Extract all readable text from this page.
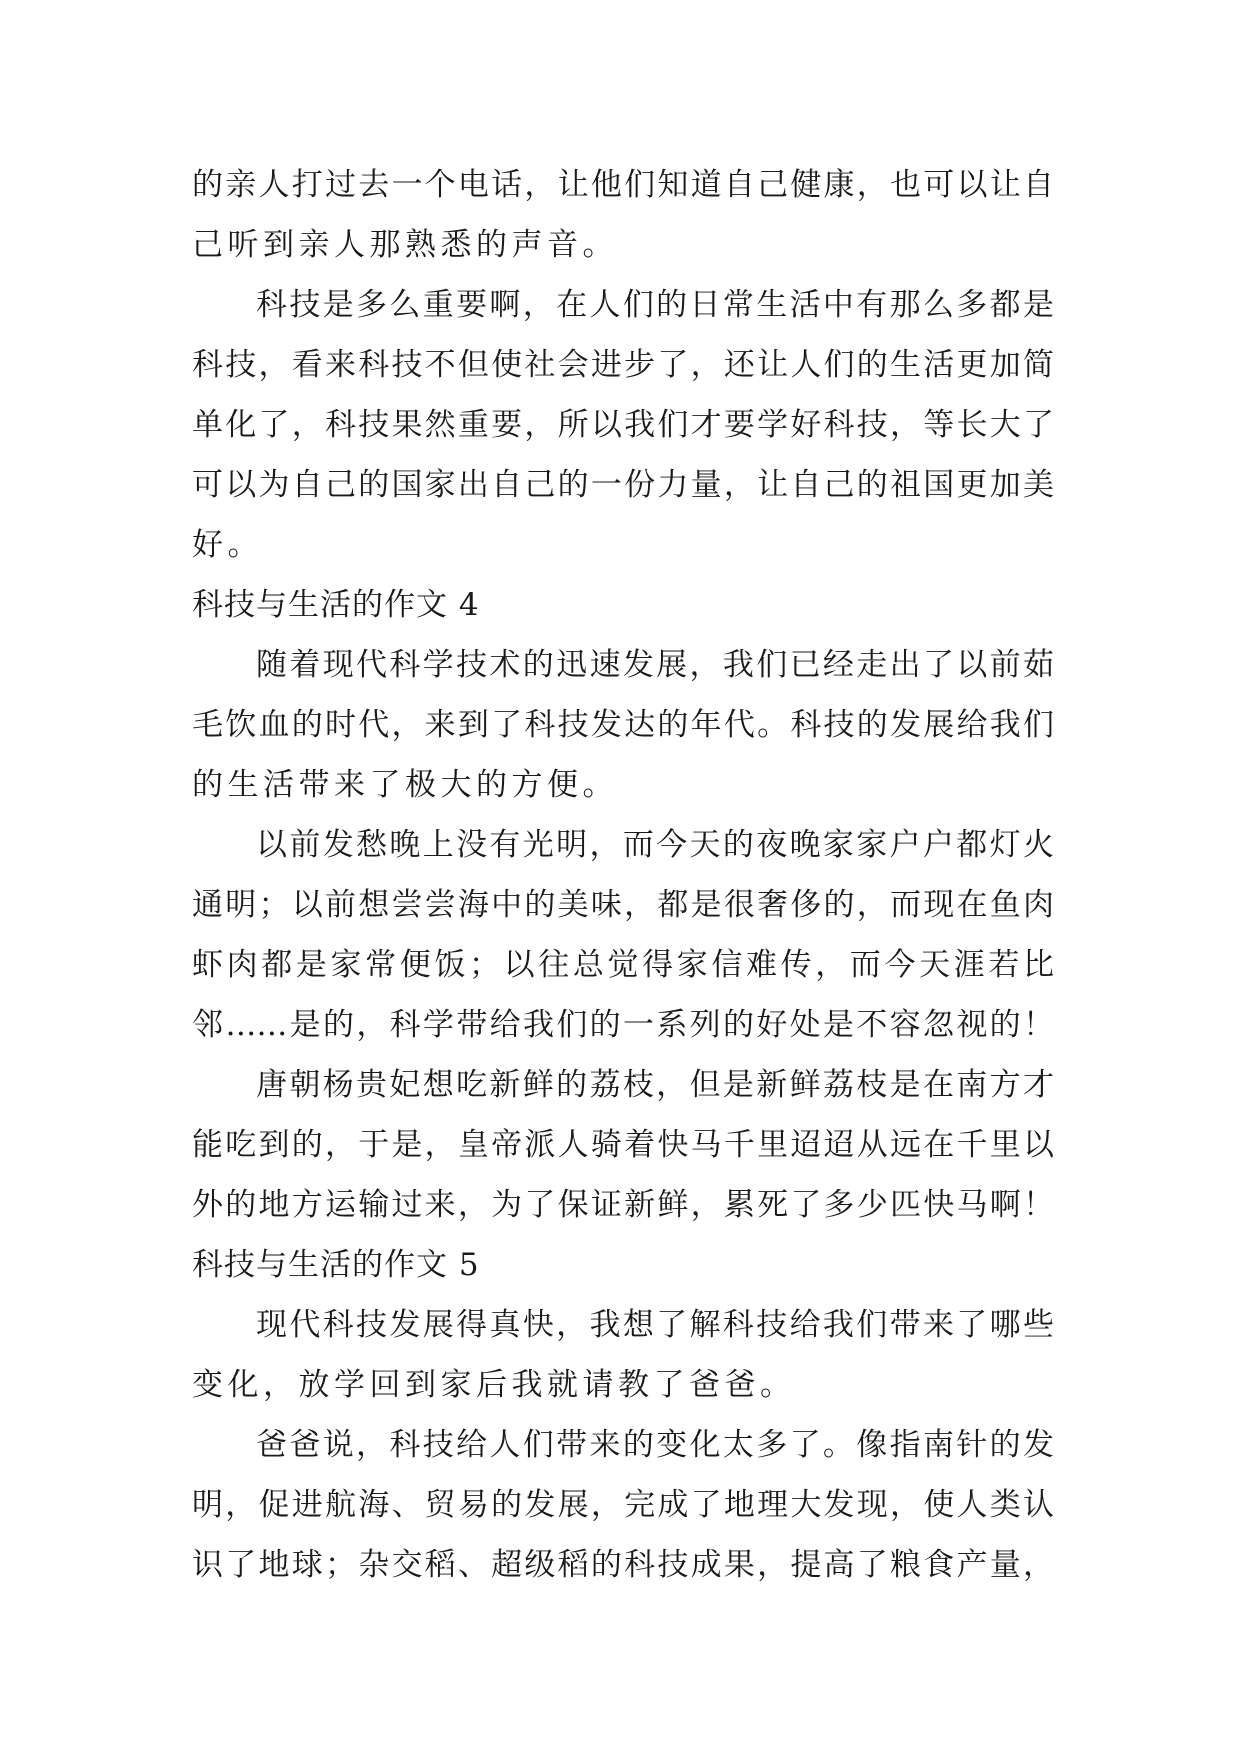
的亲人打过去一个电话，让他们知道自己健康，也可以让自
己听到亲人那熟悉的声音。
科技是多么重要啊，在人们的日常生活中有那么多都是
科技，看来科技不但使社会进步了，还让人们的生活更加简
单化了，科技果然重要，所以我们才要学好科技，等长大了
可以为自己的国家出自己的一份力量，让自己的祖国更加美
好。
科技与生活的作文 4
随着现代科学技术的迅速发展，我们已经走出了以前茹
毛饮血的时代，来到了科技发达的年代。科技的发展给我们
的生活带来了极大的方便。
以前发愁晚上没有光明，而今天的夜晚家家户户都灯火
通明；以前想尝尝海中的美味，都是很奢侈的，而现在鱼肉
虾肉都是家常便饭；以往总觉得家信难传，而今天涯若比
邻……是的，科学带给我们的一系列的好处是不容忽视的！
唐朝杨贵妃想吃新鲜的荔枝，但是新鲜荔枝是在南方才
能吃到的，于是，皇帝派人骑着快马千里迢迢从远在千里以
外的地方运输过来，为了保证新鲜，累死了多少匹快马啊！
科技与生活的作文 5
现代科技发展得真快，我想了解科技给我们带来了哪些
变化，放学回到家后我就请教了爸爸。
爸爸说，科技给人们带来的变化太多了。像指南针的发
明，促进航海、贸易的发展，完成了地理大发现，使人类认
识了地球；杂交稻、超级稻的科技成果，提高了粮食产量，
